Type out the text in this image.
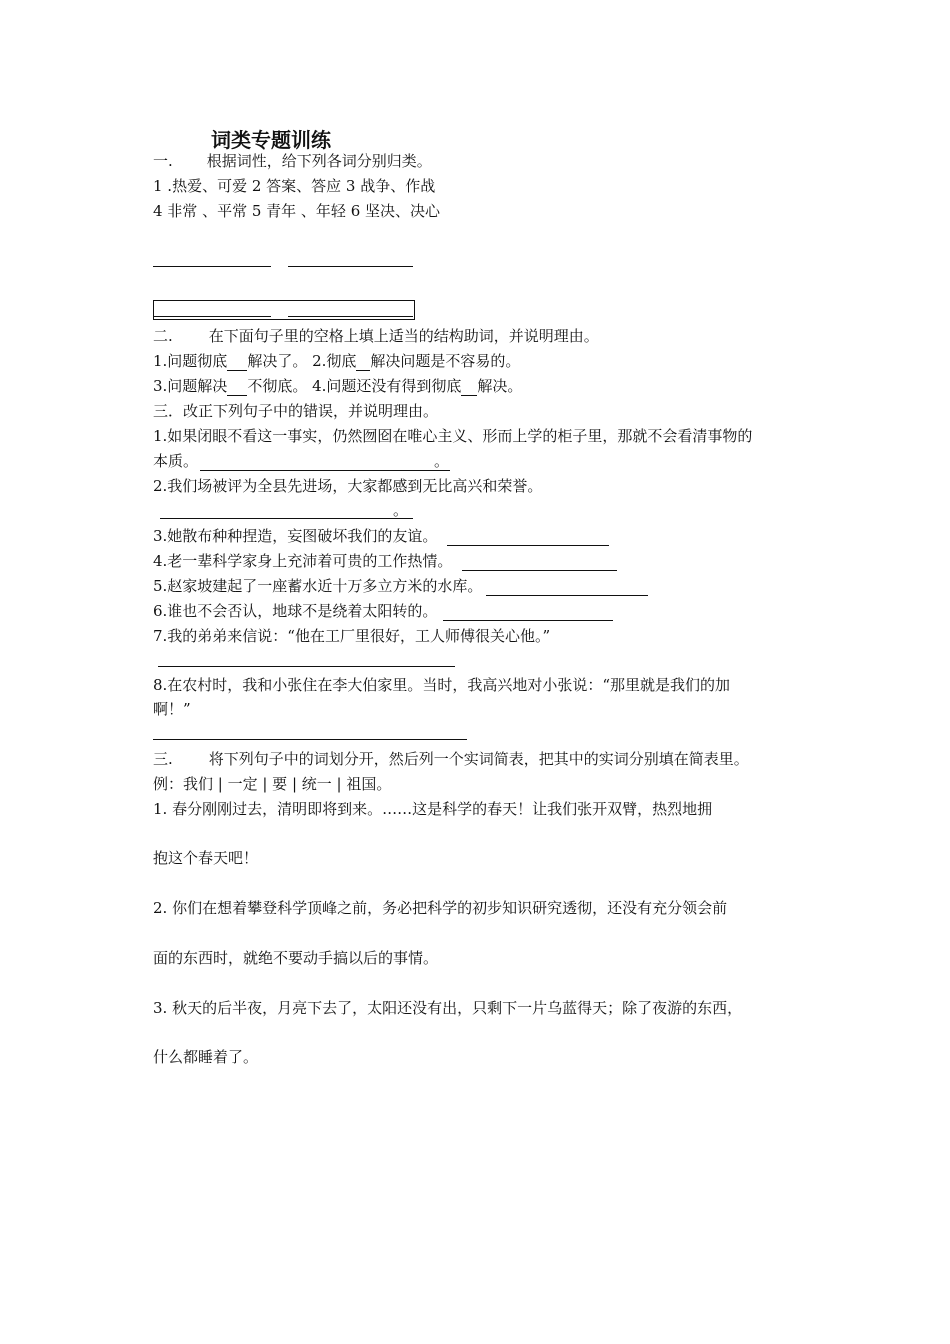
词类专题训练
一. 根据词性，给下列各词分别归类。
1 .热爱、可爱 2 答案、答应 3 战争、作战
4 非常 、平常 5 青年 、年轻 6 坚决、决心
二. 在下面句子里的空格上填上适当的结构助词，并说明理由。
1.问题彻底 解决了。 2.彻底 解决问题是不容易的。
3.问题解决 不彻底。 4.问题还没有得到彻底 解决。
三．改正下列句子中的错误，并说明理由。
1.如果闭眼不看这一事实，仍然囫囵在唯心主义、形而上学的柜子里，那就不会看清事物的
本质。	。
2.我们场被评为全县先进场，大家都感到无比高兴和荣誉。
。
3.她散布种种捏造，妄图破坏我们的友谊。
4.老一辈科学家身上充沛着可贵的工作热情。
5.赵家坡建起了一座蓄水近十万多立方米的水库。
6.谁也不会否认，地球不是绕着太阳转的。
7.我的弟弟来信说：“他在工厂里很好，工人师傅很关心他。”
8.在农村时，我和小张住在李大伯家里。当时，我高兴地对小张说：“那里就是我们的加
啊！”
三. 将下列句子中的词划分开，然后列一个实词简表，把其中的实词分别填在简表里。
例：我们 | 一定 | 要 | 统一 | 祖国。
1. 春分刚刚过去，清明即将到来。……这是科学的春天！让我们张开双臂，热烈地拥
抱这个春天吧！
2. 你们在想着攀登科学顶峰之前，务必把科学的初步知识研究透彻，还没有充分领会前
面的东西时，就绝不要动手搞以后的事情。
3. 秋天的后半夜，月亮下去了，太阳还没有出，只剩下一片乌蓝得天；除了夜游的东西，
什么都睡着了。
